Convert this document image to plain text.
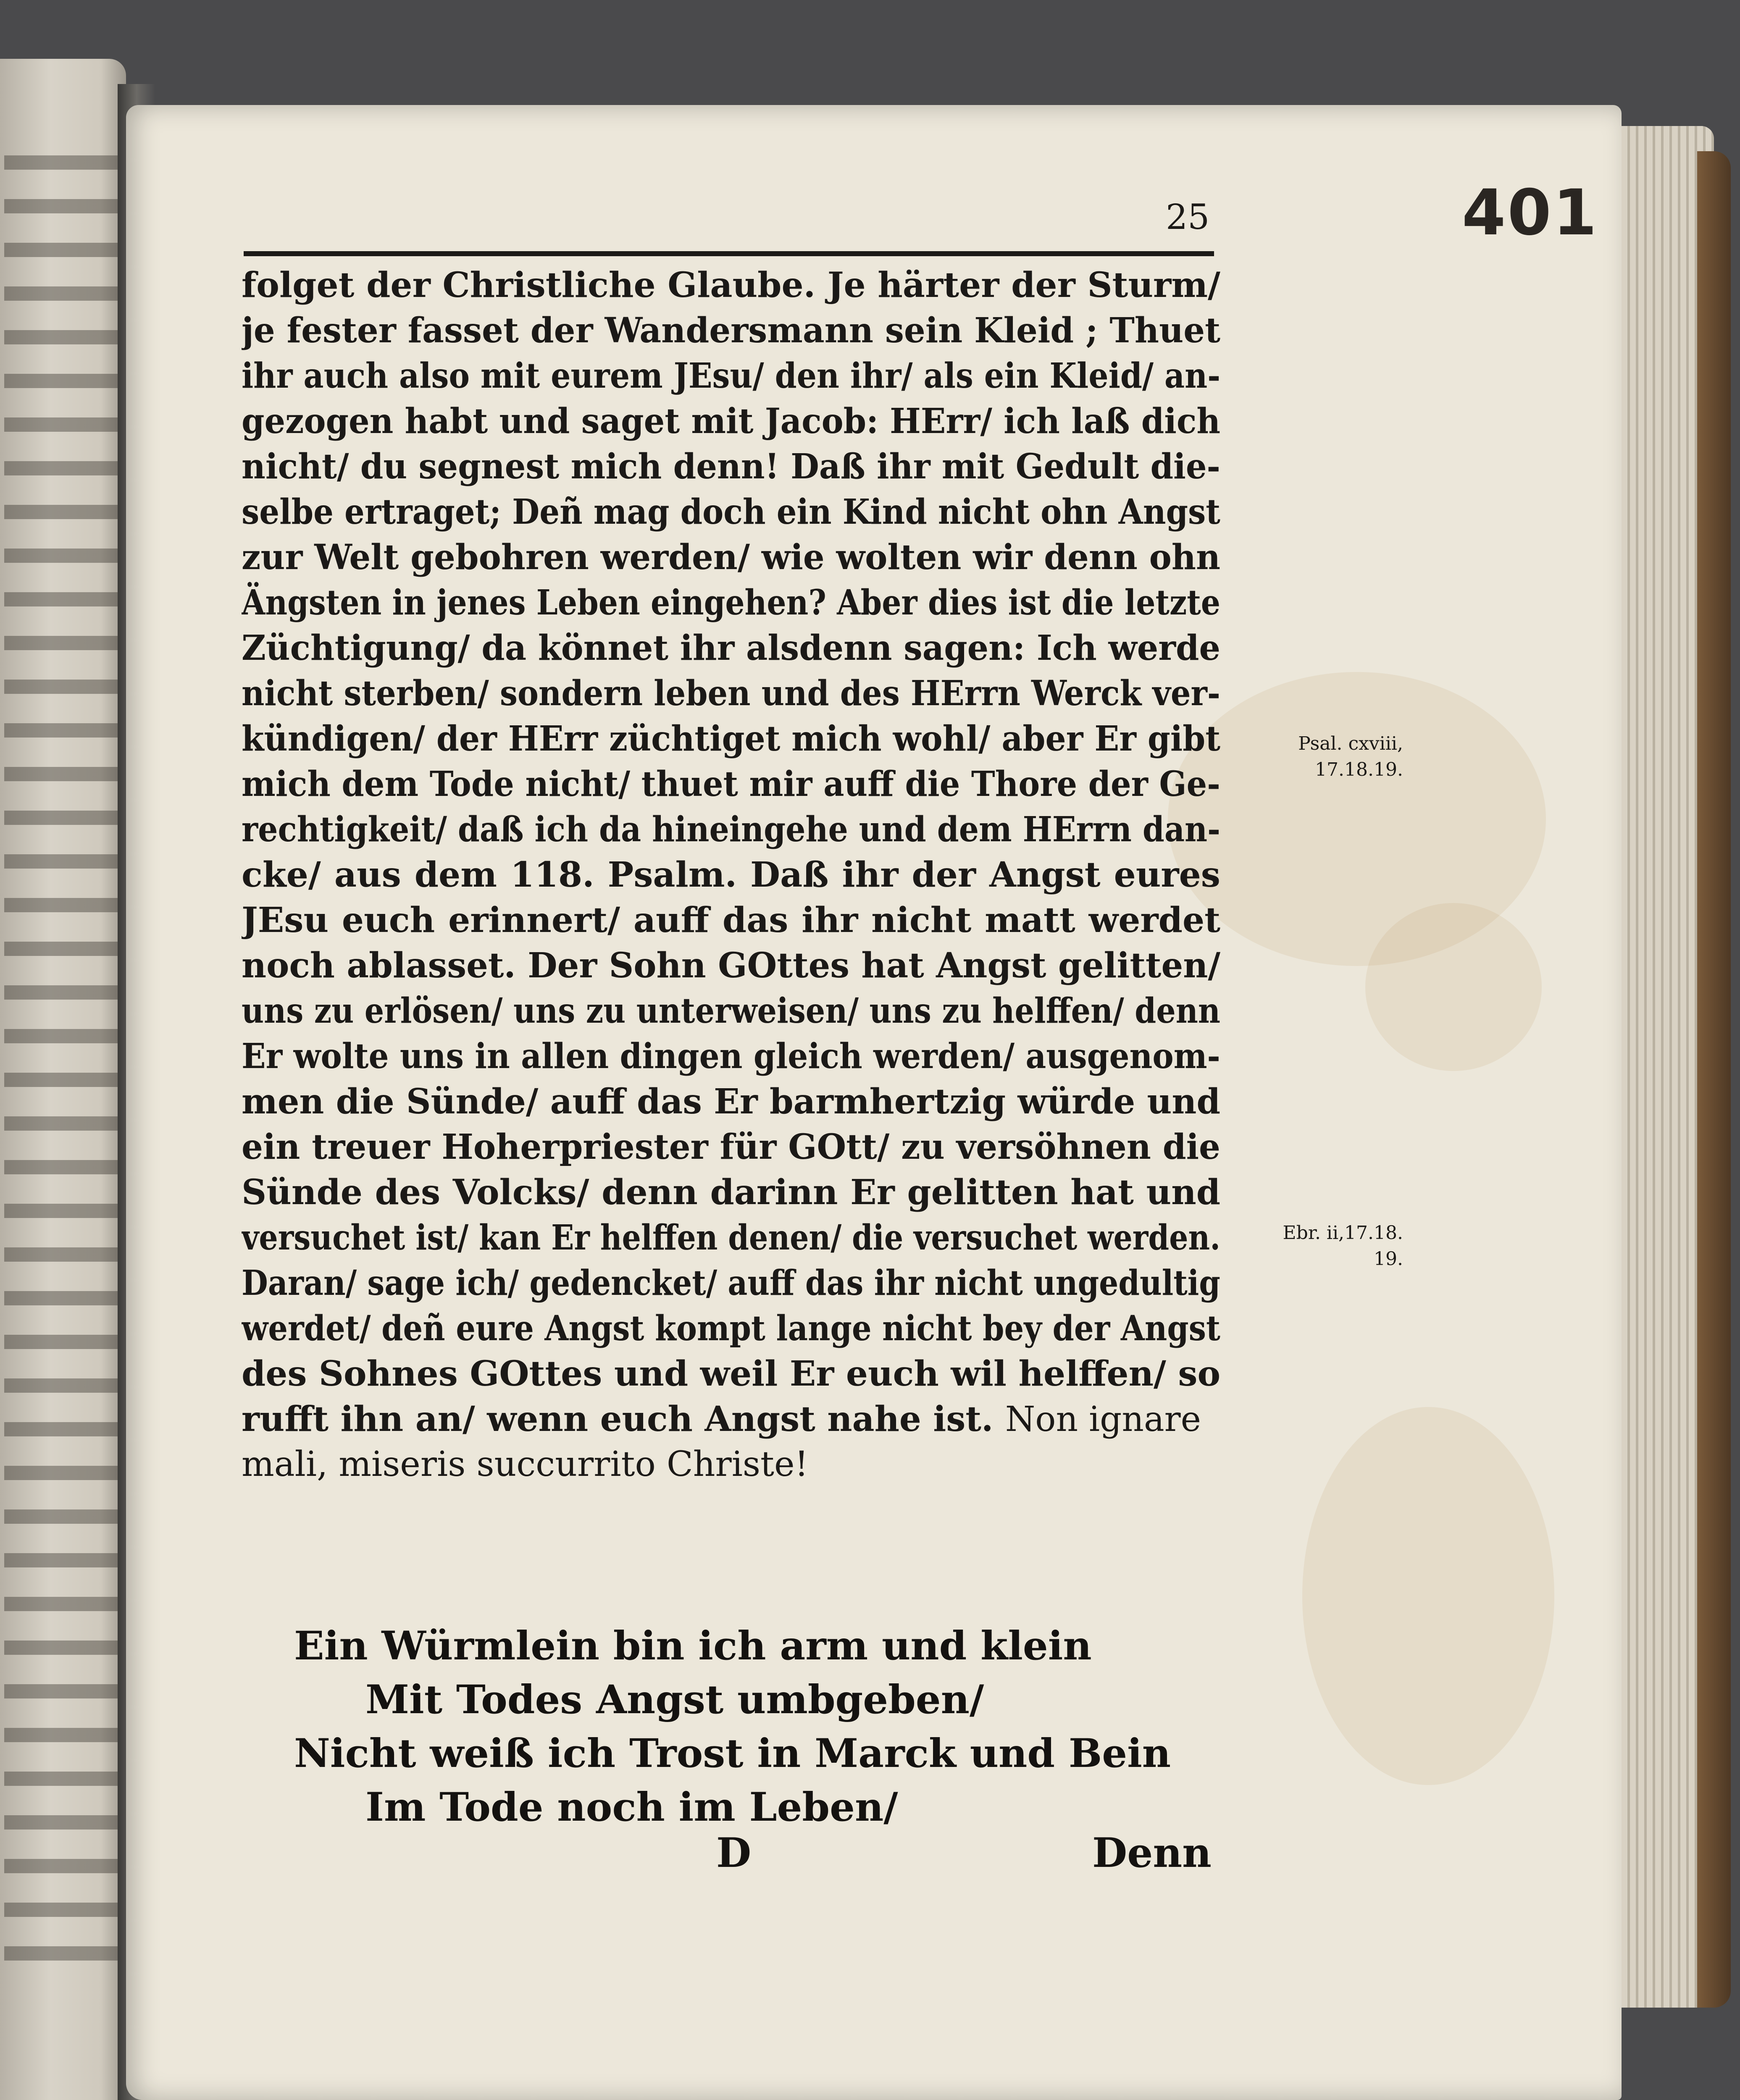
401
25
folget der Christliche Glaube. Je härter der Sturm/
je fester fasset der Wandersmann sein Kleid ; Thuet
ihr auch also mit eurem JEsu/ den ihr/ als ein Kleid/ an-
gezogen habt und saget mit Jacob: HErr/ ich laß dich
nicht/ du segnest mich denn! Daß ihr mit Gedult die-
selbe ertraget; Deñ mag doch ein Kind nicht ohn Angst
zur Welt gebohren werden/ wie wolten wir denn ohn
Ängsten in jenes Leben eingehen? Aber dies ist die letzte
Züchtigung/ da könnet ihr alsdenn sagen: Ich werde
nicht sterben/ sondern leben und des HErrn Werck ver-
kündigen/ der HErr züchtiget mich wohl/ aber Er gibt
mich dem Tode nicht/ thuet mir auff die Thore der Ge-
rechtigkeit/ daß ich da hineingehe und dem HErrn dan-
cke/ aus dem 118. Psalm. Daß ihr der Angst eures
JEsu euch erinnert/ auff das ihr nicht matt werdet
noch ablasset. Der Sohn GOttes hat Angst gelitten/
uns zu erlösen/ uns zu unterweisen/ uns zu helffen/ denn
Er wolte uns in allen dingen gleich werden/ ausgenom-
men die Sünde/ auff das Er barmhertzig würde und
ein treuer Hoherpriester für GOtt/ zu versöhnen die
Sünde des Volcks/ denn darinn Er gelitten hat und
versuchet ist/ kan Er helffen denen/ die versuchet werden.
Daran/ sage ich/ gedencket/ auff das ihr nicht ungedultig
werdet/ deñ eure Angst kompt lange nicht bey der Angst
des Sohnes GOttes und weil Er euch wil helffen/ so
rufft ihn an/ wenn euch Angst nahe ist. Non ignare
mali, miseris succurrito Christe!
Ein Würmlein bin ich arm und klein
Mit Todes Angst umbgeben/
Nicht weiß ich Trost in Marck und Bein
Im Tode noch im Leben/
D	Denn
Psal. cxviii,
17.18.19.
Ebr. ii,17.18.
19.
